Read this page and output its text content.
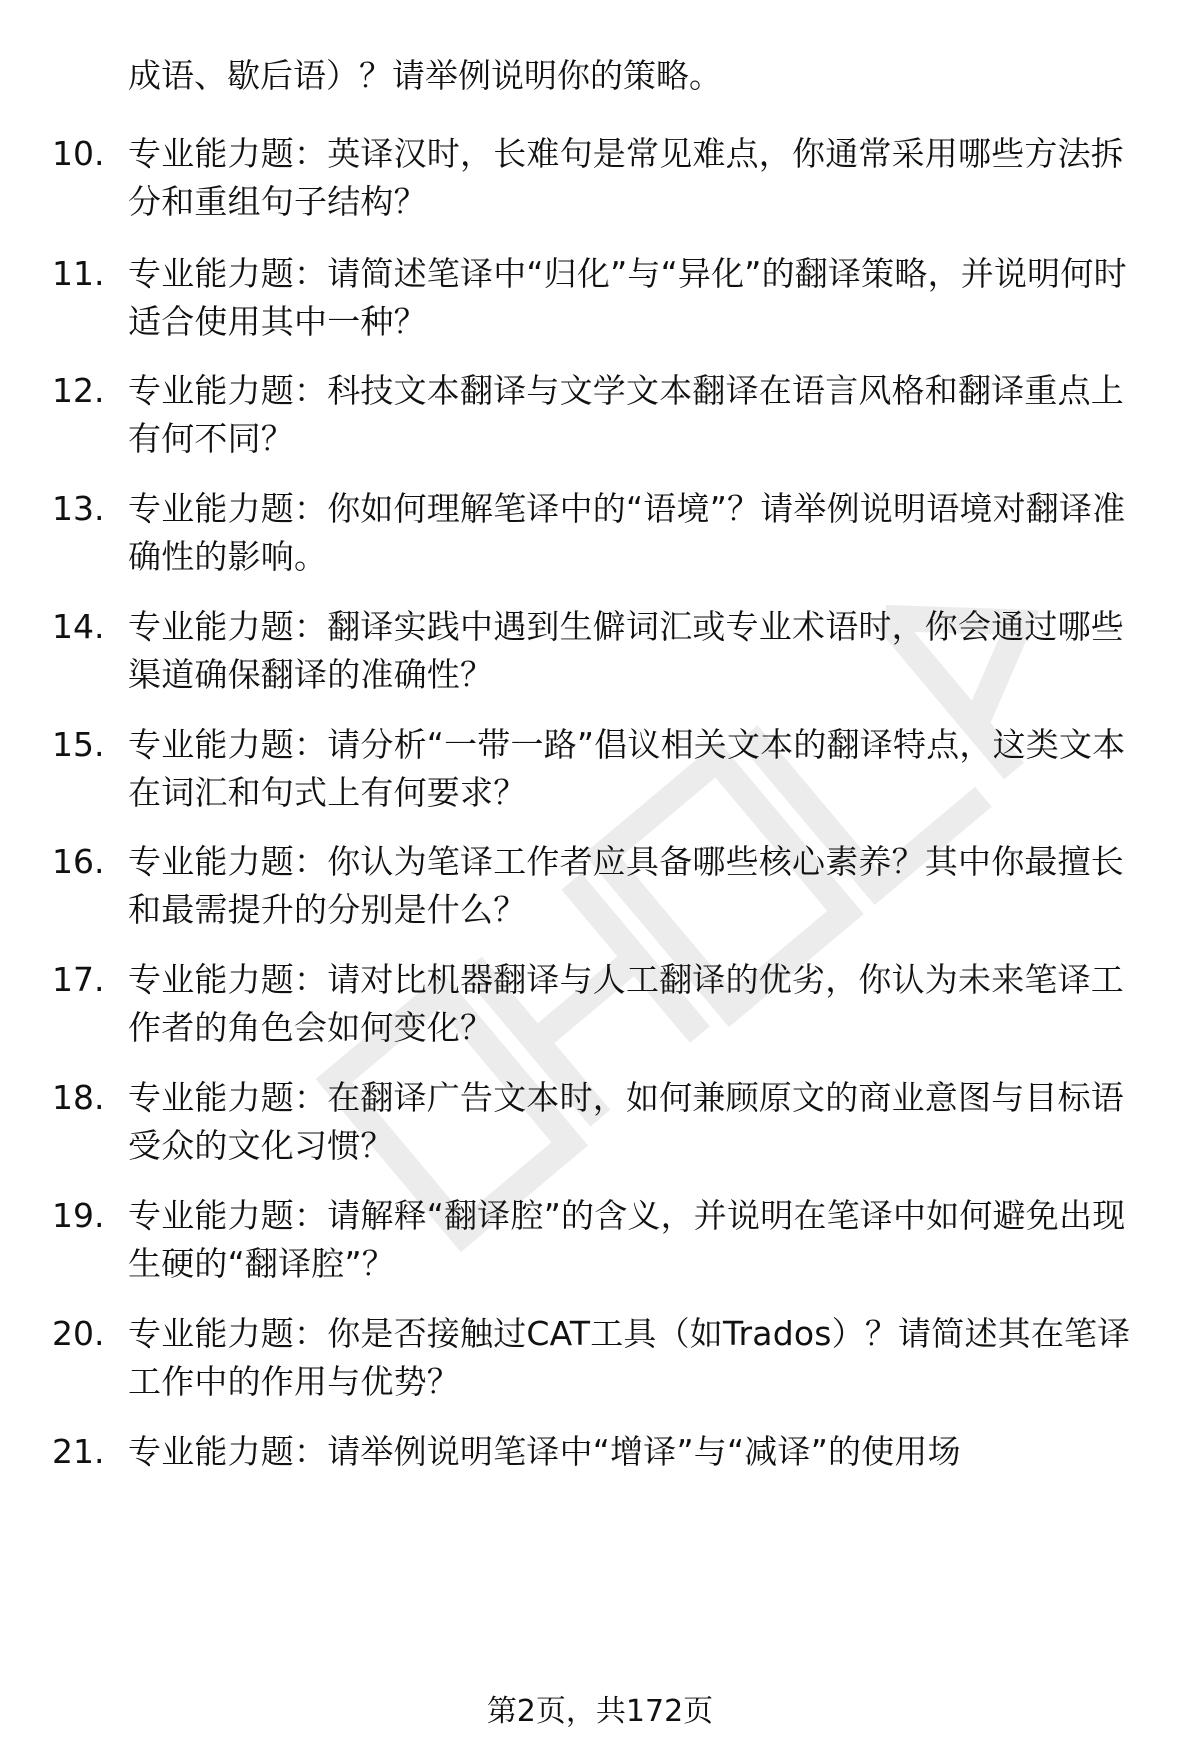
成语、歇后语）？请举例说明你的策略。
10. 专业能力题：英译汉时，长难句是常见难点，你通常采用哪些方法拆分和重组句子结构？
11. 专业能力题：请简述笔译中“归化”与“异化”的翻译策略，并说明何时适合使用其中一种？
12. 专业能力题：科技文本翻译与文学文本翻译在语言风格和翻译重点上有何不同？
13. 专业能力题：你如何理解笔译中的“语境”？请举例说明语境对翻译准确性的影响。
14. 专业能力题：翻译实践中遇到生僻词汇或专业术语时，你会通过哪些渠道确保翻译的准确性？
15. 专业能力题：请分析“一带一路”倡议相关文本的翻译特点，这类文本在词汇和句式上有何要求？
16. 专业能力题：你认为笔译工作者应具备哪些核心素养？其中你最擅长和最需提升的分别是什么？
17. 专业能力题：请对比机器翻译与人工翻译的优劣，你认为未来笔译工作者的角色会如何变化？
18. 专业能力题：在翻译广告文本时，如何兼顾原文的商业意图与目标语受众的文化习惯？
19. 专业能力题：请解释“翻译腔”的含义，并说明在笔译中如何避免出现生硬的“翻译腔”？
20. 专业能力题：你是否接触过CAT工具（如Trados）？请简述其在笔译工作中的作用与优势？
21. 专业能力题：请举例说明笔译中“增译”与“减译”的使用场
第2页，共172页
